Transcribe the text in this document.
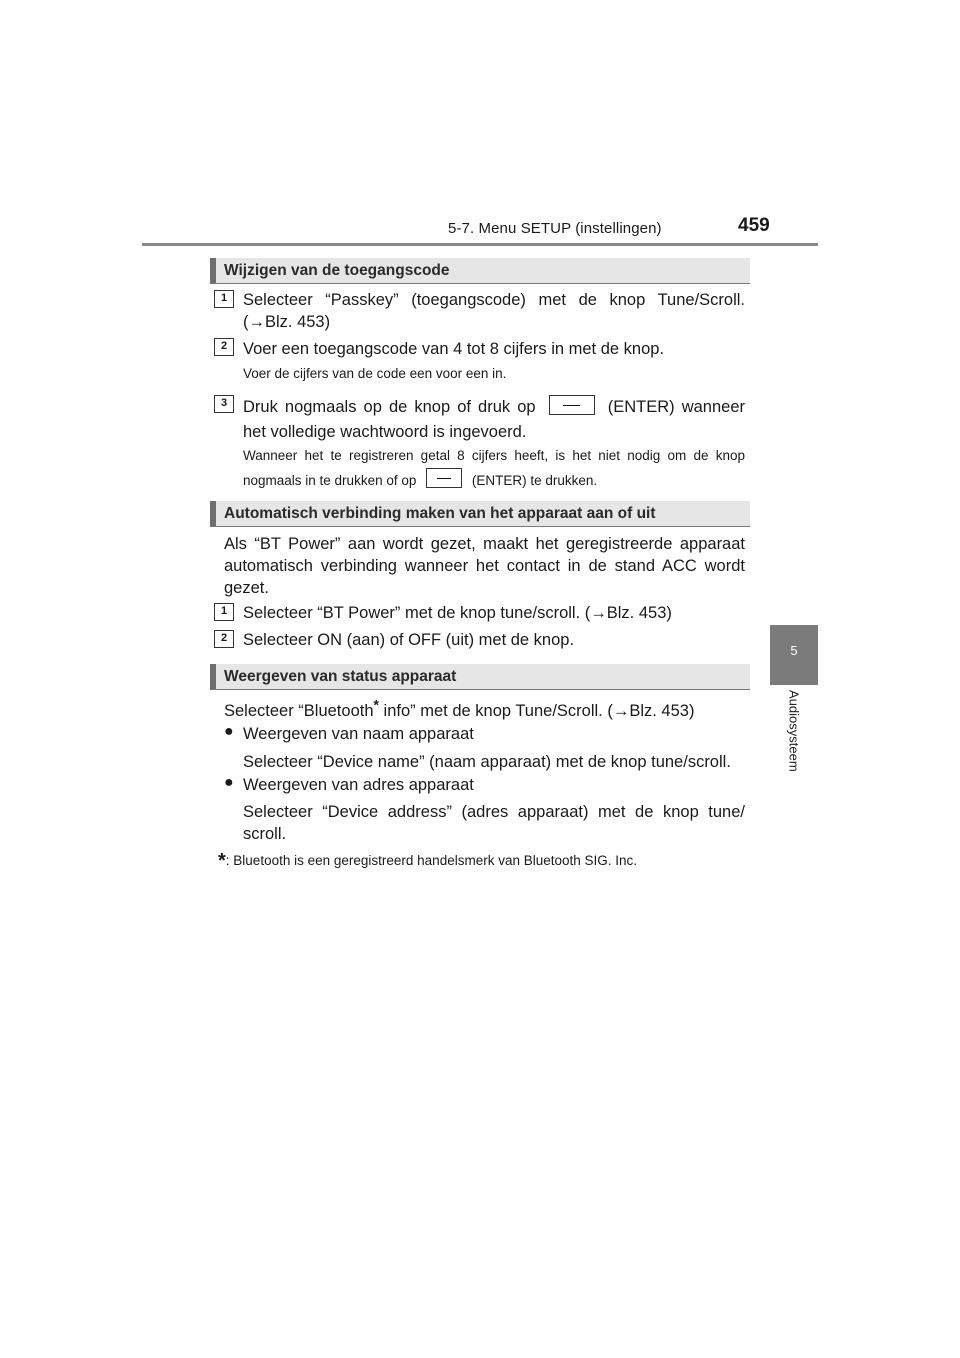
5-7. Menu SETUP (instellingen)	459
5
Audiosysteem
Wijzigen van de toegangscode
1 Selecteer “Passkey” (toegangscode) met de knop Tune/Scroll. (→Blz. 453)
2 Voer een toegangscode van 4 tot 8 cijfers in met de knop.
Voer de cijfers van de code een voor een in.
3 Druk nogmaals op de knop of druk op	(ENTER) wanneer het volledige wachtwoord is ingevoerd.
Wanneer het te registreren getal 8 cijfers heeft, is het niet nodig om de knop nogmaals in te drukken of op	(ENTER) te drukken.
Automatisch verbinding maken van het apparaat aan of uit
Als “BT Power” aan wordt gezet, maakt het geregistreerde apparaat automatisch verbinding wanneer het contact in de stand ACC wordt gezet.
1 Selecteer “BT Power” met de knop tune/scroll. (→Blz. 453)
2 Selecteer ON (aan) of OFF (uit) met de knop.
Weergeven van status apparaat
Selecteer “Bluetooth* info” met de knop Tune/Scroll. (→Blz. 453)
● Weergeven van naam apparaat
Selecteer “Device name” (naam apparaat) met de knop tune/scroll.
● Weergeven van adres apparaat
Selecteer “Device address” (adres apparaat) met de knop tune/ scroll.
*: Bluetooth is een geregistreerd handelsmerk van Bluetooth SIG. Inc.
